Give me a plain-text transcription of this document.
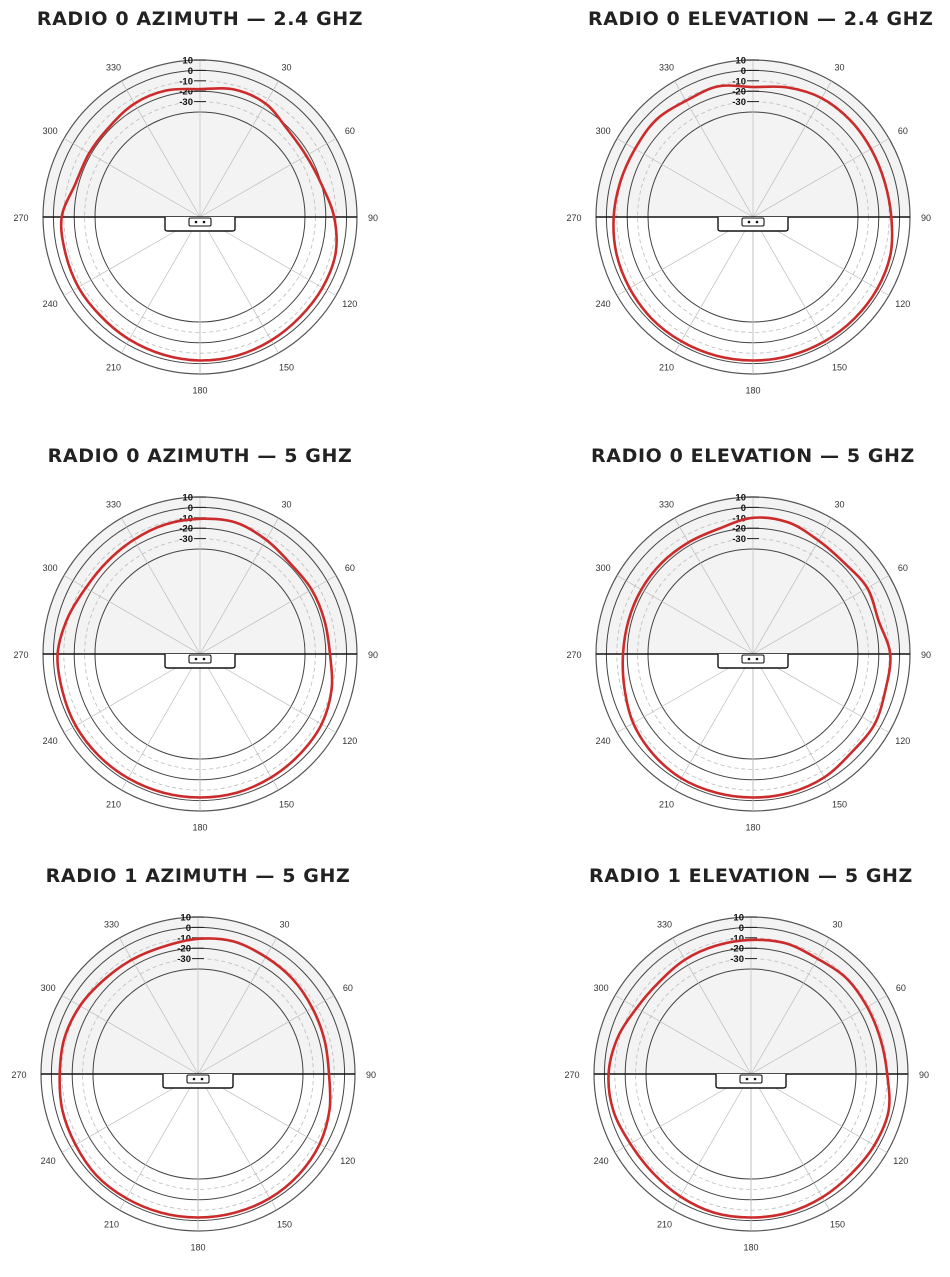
RADIO 0 AZIMUTH — 2.4 GHZ
10
0
-10
-20
-30
330	30
300	60
270	90
240	120
210	150
180
RADIO 0 ELEVATION — 2.4 GHZ
10
0
-10
-20
-30
330	30
300	60
270	90
240	120
210	150
180
RADIO 0 AZIMUTH — 5 GHZ
10
0
-10
-20
-30
330	30
300	60
270	90
240	120
210	150
180
RADIO 0 ELEVATION — 5 GHZ
10
0
-10
-20
-30
330	30
300	60
270	90
240	120
210	150
180
RADIO 1 AZIMUTH — 5 GHZ
10
0
-10
-20
-30
330	30
300	60
270	90
240	120
210	150
180
RADIO 1 ELEVATION — 5 GHZ
10
0
-10
-20
-30
330	30
300	60
270	90
240	120
210	150
180
